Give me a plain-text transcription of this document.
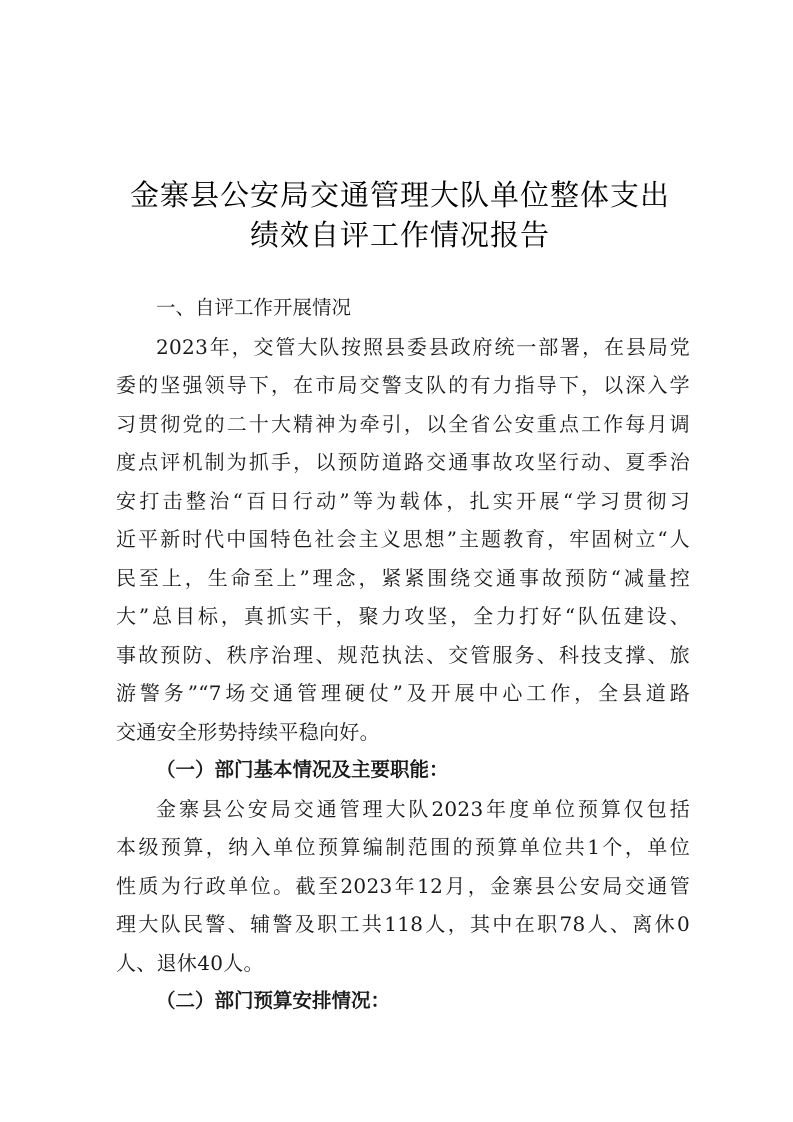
金寨县公安局交通管理大队单位整体支出
绩效自评工作情况报告
一、自评工作开展情况
2023年，交管大队按照县委县政府统一部署，在县局党
委的坚强领导下，在市局交警支队的有力指导下，以深入学
习贯彻党的二十大精神为牵引，以全省公安重点工作每月调
度点评机制为抓手，以预防道路交通事故攻坚行动、夏季治
安打击整治“百日行动”等为载体，扎实开展“学习贯彻习
近平新时代中国特色社会主义思想”主题教育，牢固树立“人
民至上，生命至上”理念，紧紧围绕交通事故预防“减量控
大”总目标，真抓实干，聚力攻坚，全力打好“队伍建设、
事故预防、秩序治理、规范执法、交管服务、科技支撑、旅
游警务”“7场交通管理硬仗”及开展中心工作，全县道路
交通安全形势持续平稳向好。
（一）部门基本情况及主要职能：
金寨县公安局交通管理大队2023年度单位预算仅包括
本级预算，纳入单位预算编制范围的预算单位共1个，单位
性质为行政单位。截至2023年12月，金寨县公安局交通管
理大队民警、辅警及职工共118人，其中在职78人、离休0
人、退休40人。
（二）部门预算安排情况：
